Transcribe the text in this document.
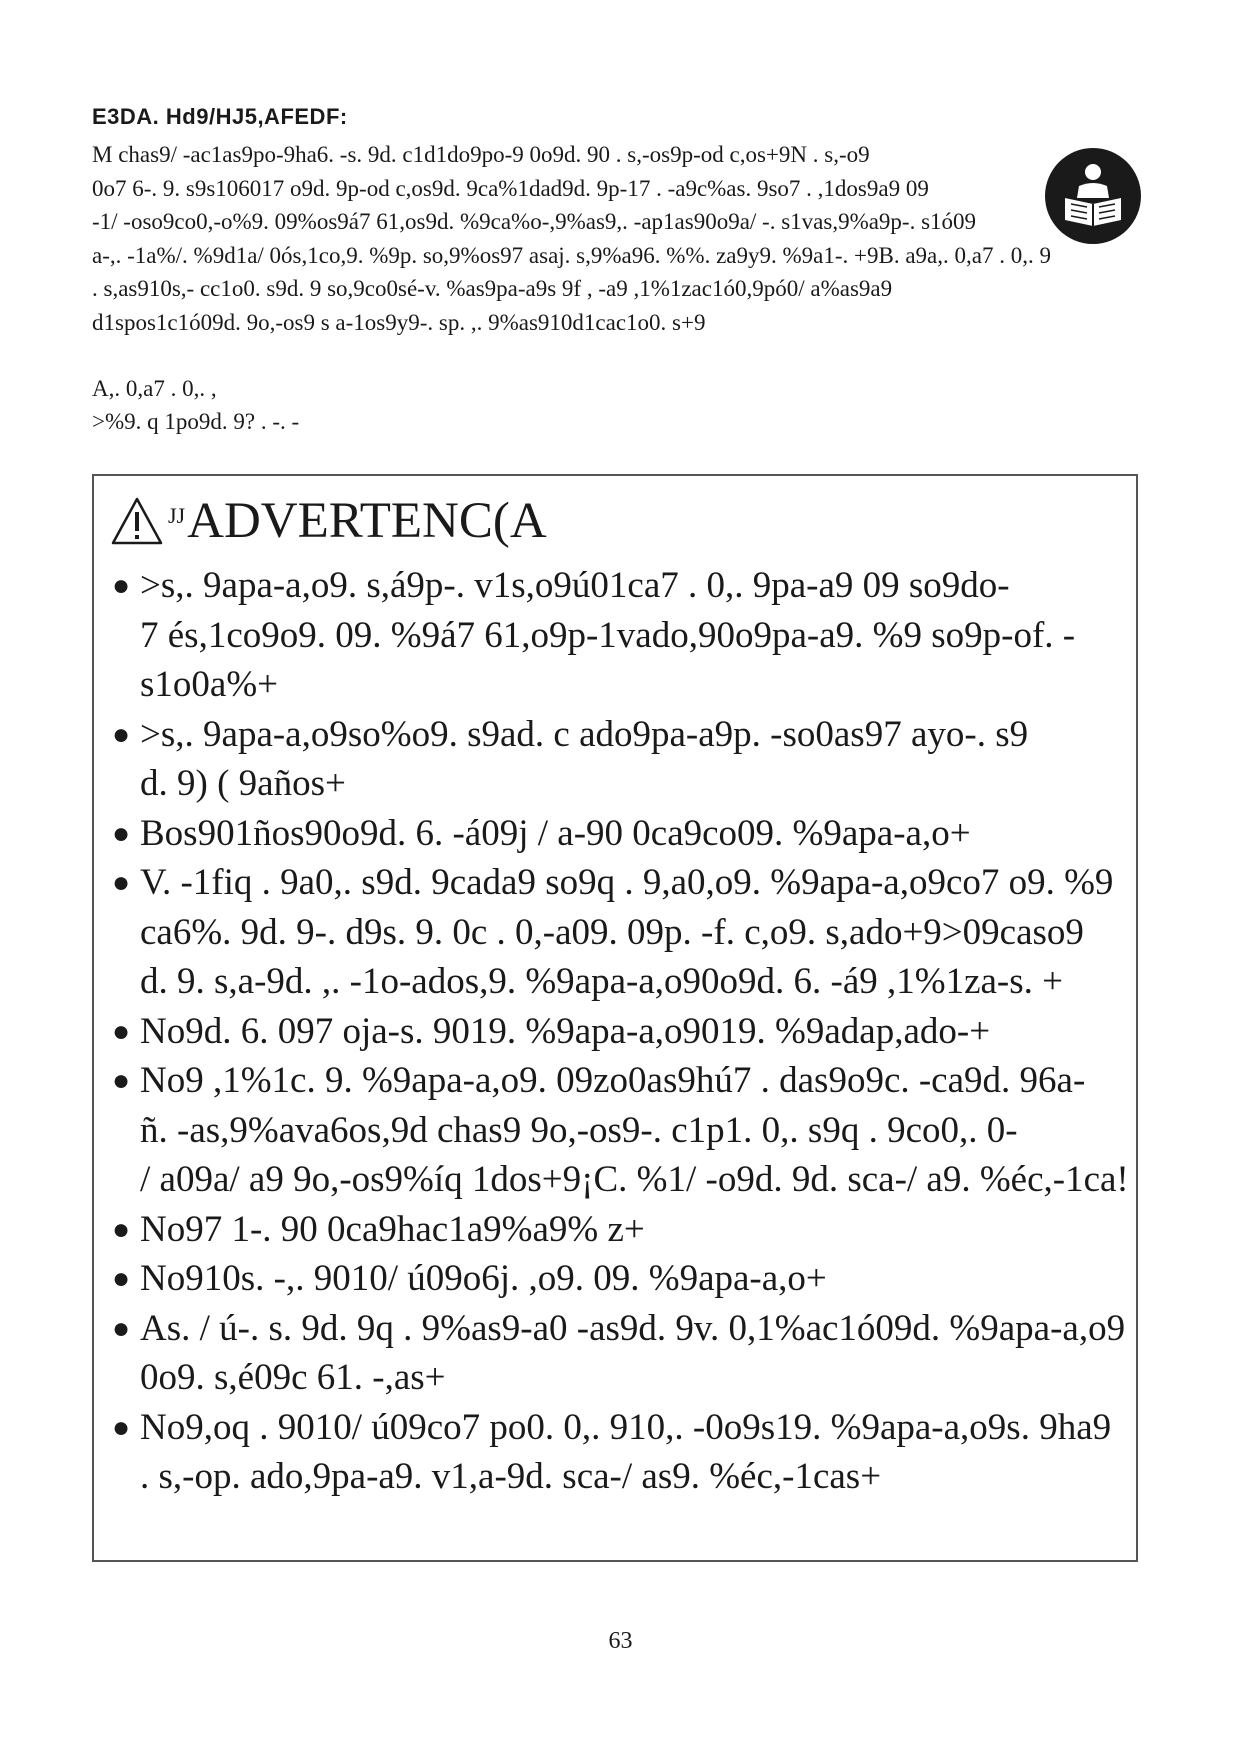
E3DA. Hd9/HJ5,AFEDF:
M chas9/ -ac1as9po-9ha6. -s. 9d. c1d1do9po-9 0o9d. 90 . s,-os9p-od c,os+9N . s,-o9
0o7 6-. 9. s9s106017 o9d. 9p-od c,os9d. 9ca%1dad9d. 9p-17 . -a9c%as. 9so7 . ,1dos9a9 09
-1/ -oso9co0,-o%9. 09%os9á7 61,os9d. %9ca%o-,9%as9,. -ap1as90o9a/ -. s1vas,9%a9p-. s1ó09
a-,. -1a%/. %9d1a/ 0ós,1co,9. %9p. so,9%os97 asaj. s,9%a96. %%. za9y9. %9a1-. +9B. a9a,. 0,a7 . 0,. 9
. s,as910s,- cc1o0. s9d. 9 so,9co0sé-v. %as9pa-a9s 9f , -a9 ,1%1zac1ó0,9pó0/ a%as9a9
d1spos1c1ó09d. 9o,-os9 s a-1os9y9-. sp. ,. 9%as910d1cac1o0. s+9
A,. 0,a7 . 0,. ,
>%9. q 1po9d. 9? . -. -
JJ ADVERTENC(A
● >s,. 9apa-a,o9. s,á9p-. v1s,o9ú01ca7 . 0,. 9pa-a9 09 so9do-
7 és,1co9o9. 09. %9á7 61,o9p-1vado,90o9pa-a9. %9 so9p-of. -
s1o0a%+
● >s,. 9apa-a,o9so%o9. s9ad. c ado9pa-a9p. -so0as97 ayo-. s9
d. 9) ( 9años+
● Bos901ños90o9d. 6. -á09j / a-90 0ca9co09. %9apa-a,o+
● V. -1fiq . 9a0,. s9d. 9cada9 so9q . 9,a0,o9. %9apa-a,o9co7 o9. %9
ca6%. 9d. 9-. d9s. 9. 0c . 0,-a09. 09p. -f. c,o9. s,ado+9>09caso9
d. 9. s,a-9d. ,. -1o-ados,9. %9apa-a,o90o9d. 6. -á9 ,1%1za-s. +
● No9d. 6. 097 oja-s. 9019. %9apa-a,o9019. %9adap,ado-+
● No9 ,1%1c. 9. %9apa-a,o9. 09zo0as9hú7 . das9o9c. -ca9d. 96a-
ñ. -as,9%ava6os,9d chas9 9o,-os9-. c1p1. 0,. s9q . 9co0,. 0-
/ a09a/ a9 9o,-os9%íq 1dos+9¡C. %1/ -o9d. 9d. sca-/ a9. %éc,-1ca!
● No97 1-. 90 0ca9hac1a9%a9% z+
● No910s. -,. 9010/ ú09o6j. ,o9. 09. %9apa-a,o+
● As. / ú-. s. 9d. 9q . 9%as9-a0 -as9d. 9v. 0,1%ac1ó09d. %9apa-a,o9
0o9. s,é09c 61. -,as+
● No9,oq . 9010/ ú09co7 po0. 0,. 910,. -0o9s19. %9apa-a,o9s. 9ha9
. s,-op. ado,9pa-a9. v1,a-9d. sca-/ as9. %éc,-1cas+
63
